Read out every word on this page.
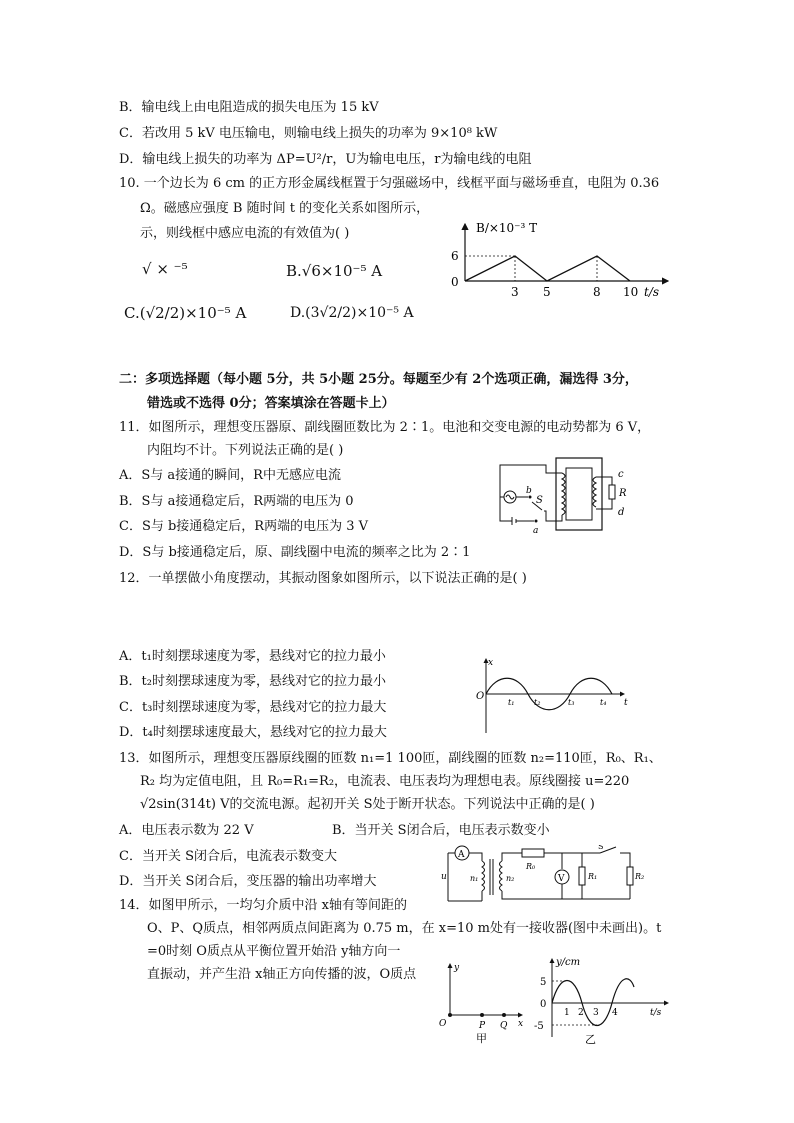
B．输电线上由电阻造成的损失电压为 15 kV
C．若改用 5 kV 电压输电，则输电线上损失的功率为 9×10⁸ kW
D．输电线上损失的功率为 ΔP=U²/r，U为输电电压，r为输电线的电阻
10. 一个边长为 6 cm 的正方形金属线框置于匀强磁场中，线框平面与磁场垂直，电阻为 0.36
Ω。磁感应强度 B 随时间 t 的变化关系如图所示，
示，则线框中感应电流的有效值为( )
√ × ⁻⁵	B.√6×10⁻⁵ A
C.(√2/2)×10⁻⁵ A	D.(3√2/2)×10⁻⁵ A
B/×10⁻³ T
6
0
3 5	8 10 t/s
二：多项选择题（每小题 5分，共 5小题 25分。每题至少有 2个选项正确，漏选得 3分，
错选或不选得 0分；答案填涂在答题卡上）
11．如图所示，理想变压器原、副线圈匝数比为 2∶1。电池和交变电源的电动势都为 6 V，
内阻均不计。下列说法正确的是( )
A．S与 a接通的瞬间，R中无感应电流
B．S与 a接通稳定后，R两端的电压为 0
C．S与 b接通稳定后，R两端的电压为 3 V
D．S与 b接通稳定后，原、副线圈中电流的频率之比为 2∶1
c
R
d
b
S
a
12．一单摆做小角度摆动，其振动图象如图所示，以下说法正确的是( )
A．t₁时刻摆球速度为零，悬线对它的拉力最小
B．t₂时刻摆球速度为零，悬线对它的拉力最小
C．t₃时刻摆球速度为零，悬线对它的拉力最大
D．t₄时刻摆球速度最大，悬线对它的拉力最大
x
O
t
t₁ t₂	t₃	t₄
13．如图所示，理想变压器原线圈的匝数 n₁=1 100匝，副线圈的匝数 n₂=110匝，R₀、R₁、
R₂ 均为定值电阻，且 R₀=R₁=R₂，电流表、电压表均为理想电表。原线圈接 u=220
√2sin(314t) V的交流电源。起初开关 S处于断开状态。下列说法中正确的是( )
A．电压表示数为 22 V	B．当开关 S闭合后，电压表示数变小
C．当开关 S闭合后，电流表示数变大
D．当开关 S闭合后，变压器的输出功率增大
A
u	n₁	n₂
R₀
V	R₁
S
R₂
14．如图甲所示，一均匀介质中沿 x轴有等间距的
O、P、Q质点，相邻两质点间距离为 0.75 m，在 x=10 m处有一接收器(图中未画出)。t
=0时刻 O质点从平衡位置开始沿 y轴方向一
直振动，并产生沿 x轴正方向传播的波，O质点	y
O	P Q x
甲
y/cm
5
0
-5
1 2 3 4	t/s
乙
